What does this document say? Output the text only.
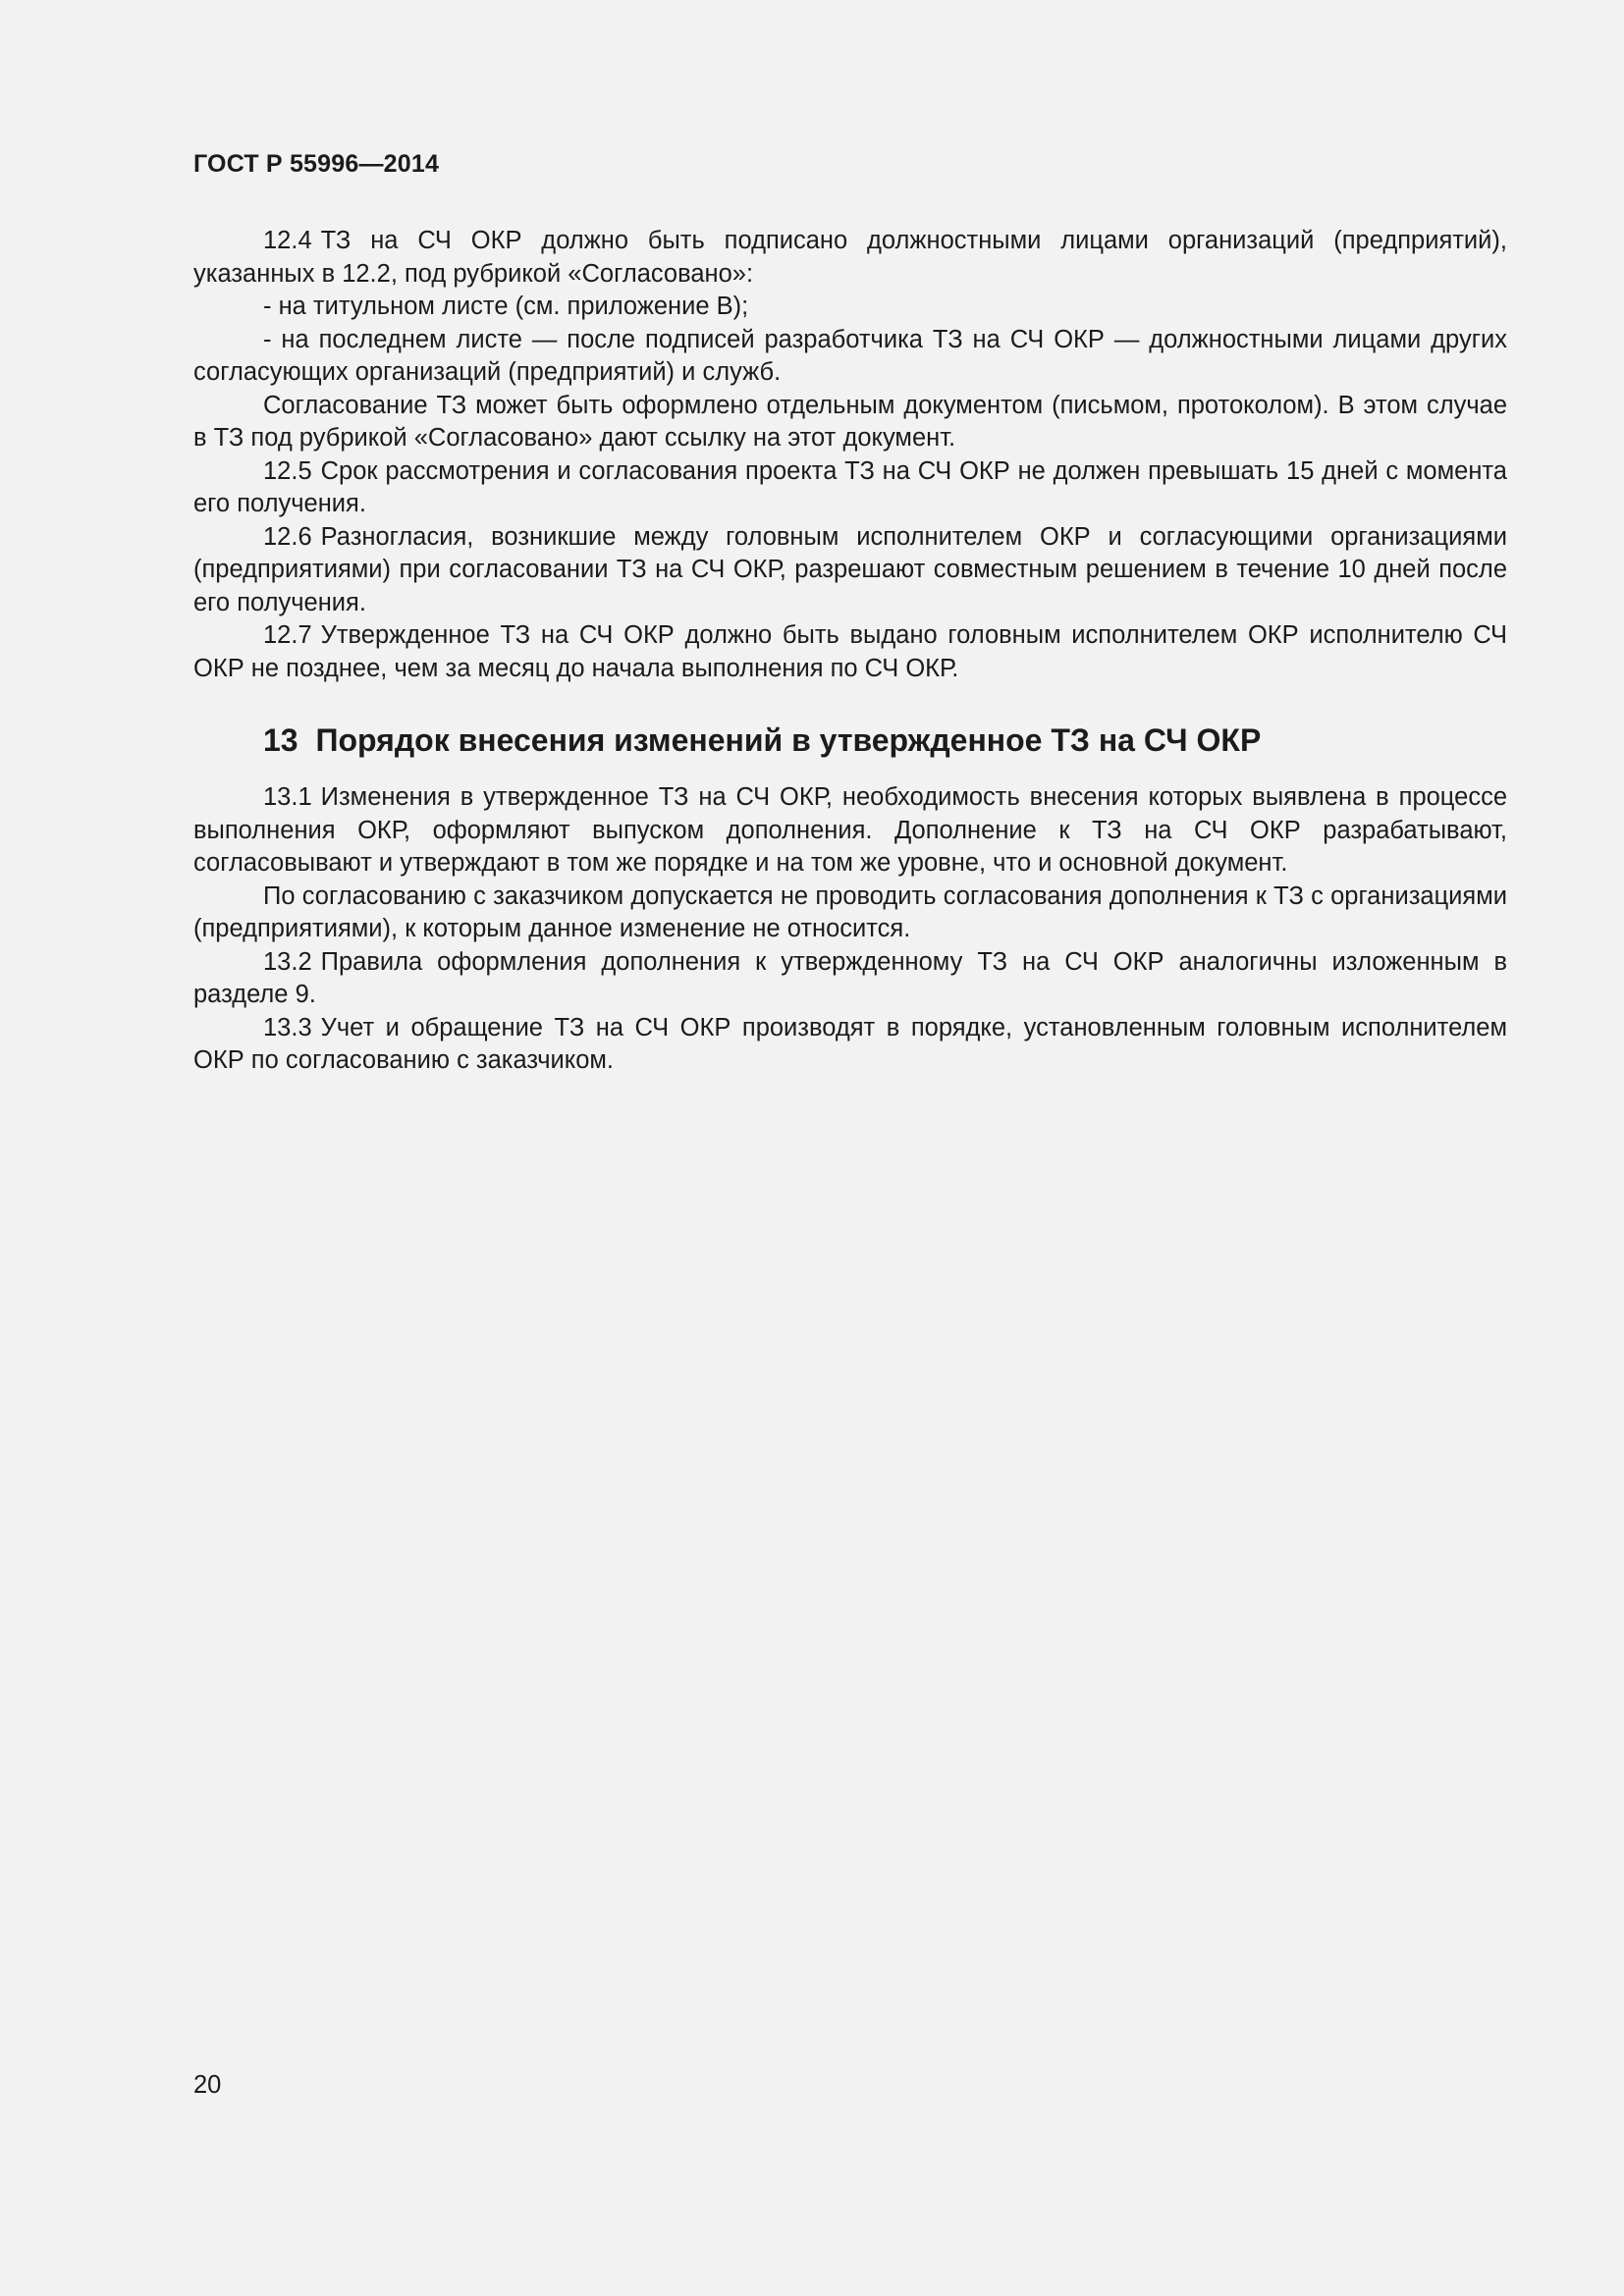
ГОСТ Р 55996—2014

12.4 ТЗ на СЧ ОКР должно быть подписано должностными лицами организаций (предприятий), указанных в 12.2, под рубрикой «Согласовано»:

- на титульном листе (см. приложение В);

- на последнем листе — после подписей разработчика ТЗ на СЧ ОКР — должностными лицами других согласующих организаций (предприятий) и служб.

Согласование ТЗ может быть оформлено отдельным документом (письмом, протоколом). В этом случае в ТЗ под рубрикой «Согласовано» дают ссылку на этот документ.

12.5 Срок рассмотрения и согласования проекта ТЗ на СЧ ОКР не должен превышать 15 дней с момента его получения.

12.6 Разногласия, возникшие между головным исполнителем ОКР и согласующими организациями (предприятиями) при согласовании ТЗ на СЧ ОКР, разрешают совместным решением в течение 10 дней после его получения.

12.7 Утвержденное ТЗ на СЧ ОКР должно быть выдано головным исполнителем ОКР исполнителю СЧ ОКР не позднее, чем за месяц до начала выполнения по СЧ ОКР.

13 Порядок внесения изменений в утвержденное ТЗ на СЧ ОКР

13.1 Изменения в утвержденное ТЗ на СЧ ОКР, необходимость внесения которых выявлена в процессе выполнения ОКР, оформляют выпуском дополнения. Дополнение к ТЗ на СЧ ОКР разрабатывают, согласовывают и утверждают в том же порядке и на том же уровне, что и основной документ.

По согласованию с заказчиком допускается не проводить согласования дополнения к ТЗ с организациями (предприятиями), к которым данное изменение не относится.

13.2 Правила оформления дополнения к утвержденному ТЗ на СЧ ОКР аналогичны изложенным в разделе 9.

13.3 Учет и обращение ТЗ на СЧ ОКР производят в порядке, установленным головным исполнителем ОКР по согласованию с заказчиком.

20
